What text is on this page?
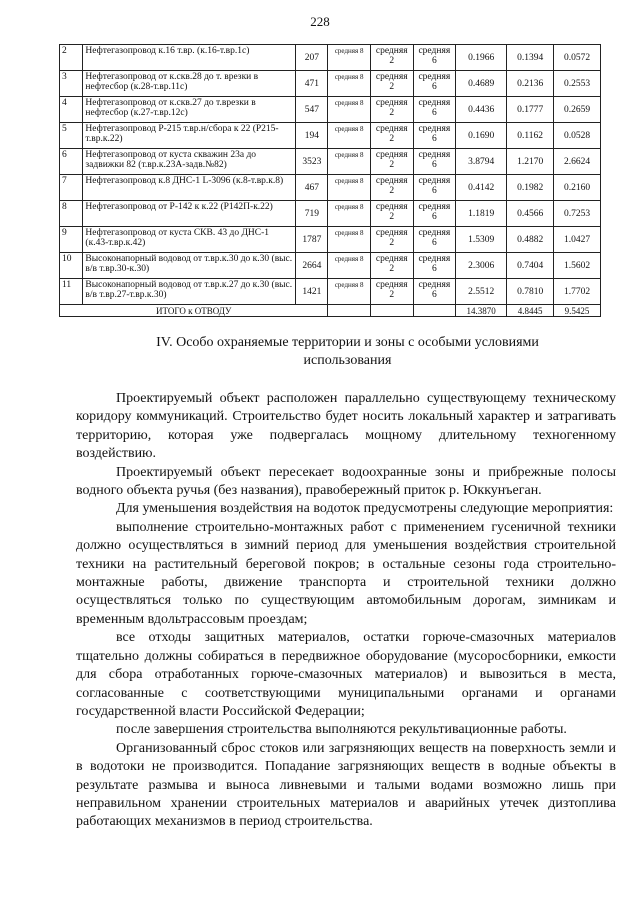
228
2	Нефтегазопровод к.16 т.вр. (к.16-т.вр.1с)	207	средняя 8	средняя 2	средняя 6	0.1966	0.1394	0.0572
3	Нефтегазопровод от к.скв.28 до т. врезки в нефтесбор (к.28-т.вр.11с)	471	средняя 8	средняя 2	средняя 6	0.4689	0.2136	0.2553
4	Нефтегазопровод от к.скв.27 до т.врезки в нефтесбор (к.27-т.вр.12с)	547	средняя 8	средняя 2	средняя 6	0.4436	0.1777	0.2659
5	Нефтегазопровод Р-215 т.вр.н/сбора к 22 (Р215-т.вр.к.22)	194	средняя 8	средняя 2	средняя 6	0.1690	0.1162	0.0528
6	Нефтегазопровод от куста скважин 23а до задвижки 82 (т.вр.к.23А-задв.№82)	3523	средняя 8	средняя 2	средняя 6	3.8794	1.2170	2.6624
7	Нефтегазопровод к.8 ДНС-1 L-3096 (к.8-т.вр.к.8)	467	средняя 8	средняя 2	средняя 6	0.4142	0.1982	0.2160
8	Нефтегазопровод от Р-142 к к.22 (Р142П-к.22)	719	средняя 8	средняя 2	средняя 6	1.1819	0.4566	0.7253
9	Нефтегазопровод от куста СКВ. 43 до ДНС-1 (к.43-т.вр.к.42)	1787	средняя 8	средняя 2	средняя 6	1.5309	0.4882	1.0427
10	Высоконапорный водовод от т.вр.к.30 до к.30 (выс. в/в т.вр.30-к.30)	2664	средняя 8	средняя 2	средняя 6	2.3006	0.7404	1.5602
11	Высоконапорный водовод от т.вр.к.27 до к.30 (выс. в/в т.вр.27-т.вр.к.30)	1421	средняя 8	средняя 2	средняя 6	2.5512	0.7810	1.7702
ИТОГО к ОТВОДУ						14.3870	4.8445	9.5425
IV. Особо охраняемые территории и зоны с особыми условиями использования

Проектируемый объект расположен параллельно существующему техническому коридору коммуникаций. Строительство будет носить локальный характер и затрагивать территорию, которая уже подвергалась мощному длительному техногенному воздействию.

Проектируемый объект пересекает водоохранные зоны и прибрежные полосы водного объекта ручья (без названия), правобережный приток р. Юккунъеган.

Для уменьшения воздействия на водоток предусмотрены следующие мероприятия:

выполнение строительно-монтажных работ с применением гусеничной техники должно осуществляться в зимний период для уменьшения воздействия строительной техники на растительный береговой покров; в остальные сезоны года строительно-монтажные работы, движение транспорта и строительной техники должно осуществляться только по существующим автомобильным дорогам, зимникам и временным вдольтрассовым проездам;

все отходы защитных материалов, остатки горюче-смазочных материалов тщательно должны собираться в передвижное оборудование (мусоросборники, емкости для сбора отработанных горюче-смазочных материалов) и вывозиться в места, согласованные с соответствующими муниципальными органами и органами государственной власти Российской Федерации;

после завершения строительства выполняются рекультивационные работы.

Организованный сброс стоков или загрязняющих веществ на поверхность земли и в водотоки не производится. Попадание загрязняющих веществ в водные объекты в результате размыва и выноса ливневыми и талыми водами возможно лишь при неправильном хранении строительных материалов и аварийных утечек дизтоплива работающих механизмов в период строительства.
